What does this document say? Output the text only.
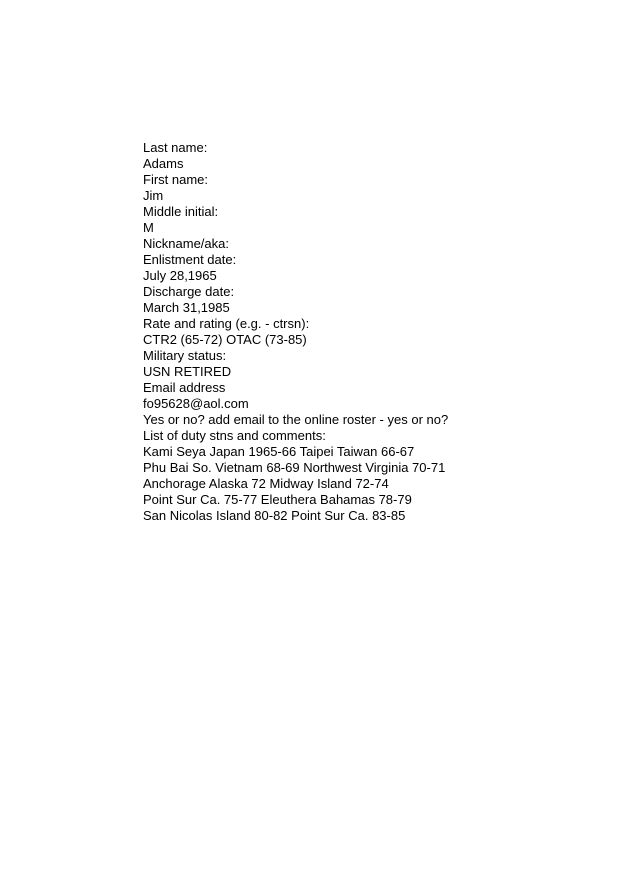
Last name:
Adams
First name:
Jim
Middle initial:
M
Nickname/aka:
Enlistment date:
July 28,1965
Discharge date:
March 31,1985
Rate and rating (e.g. - ctrsn):
CTR2 (65-72) OTAC (73-85)
Military status:
USN RETIRED
Email address
fo95628@aol.com
Yes or no? add email to the online roster - yes or no?
List of duty stns and comments:
Kami Seya Japan 1965-66 Taipei Taiwan 66-67
Phu Bai So. Vietnam 68-69 Northwest Virginia 70-71
Anchorage Alaska 72 Midway Island 72-74
Point Sur Ca. 75-77 Eleuthera Bahamas 78-79
San Nicolas Island 80-82 Point Sur Ca. 83-85
